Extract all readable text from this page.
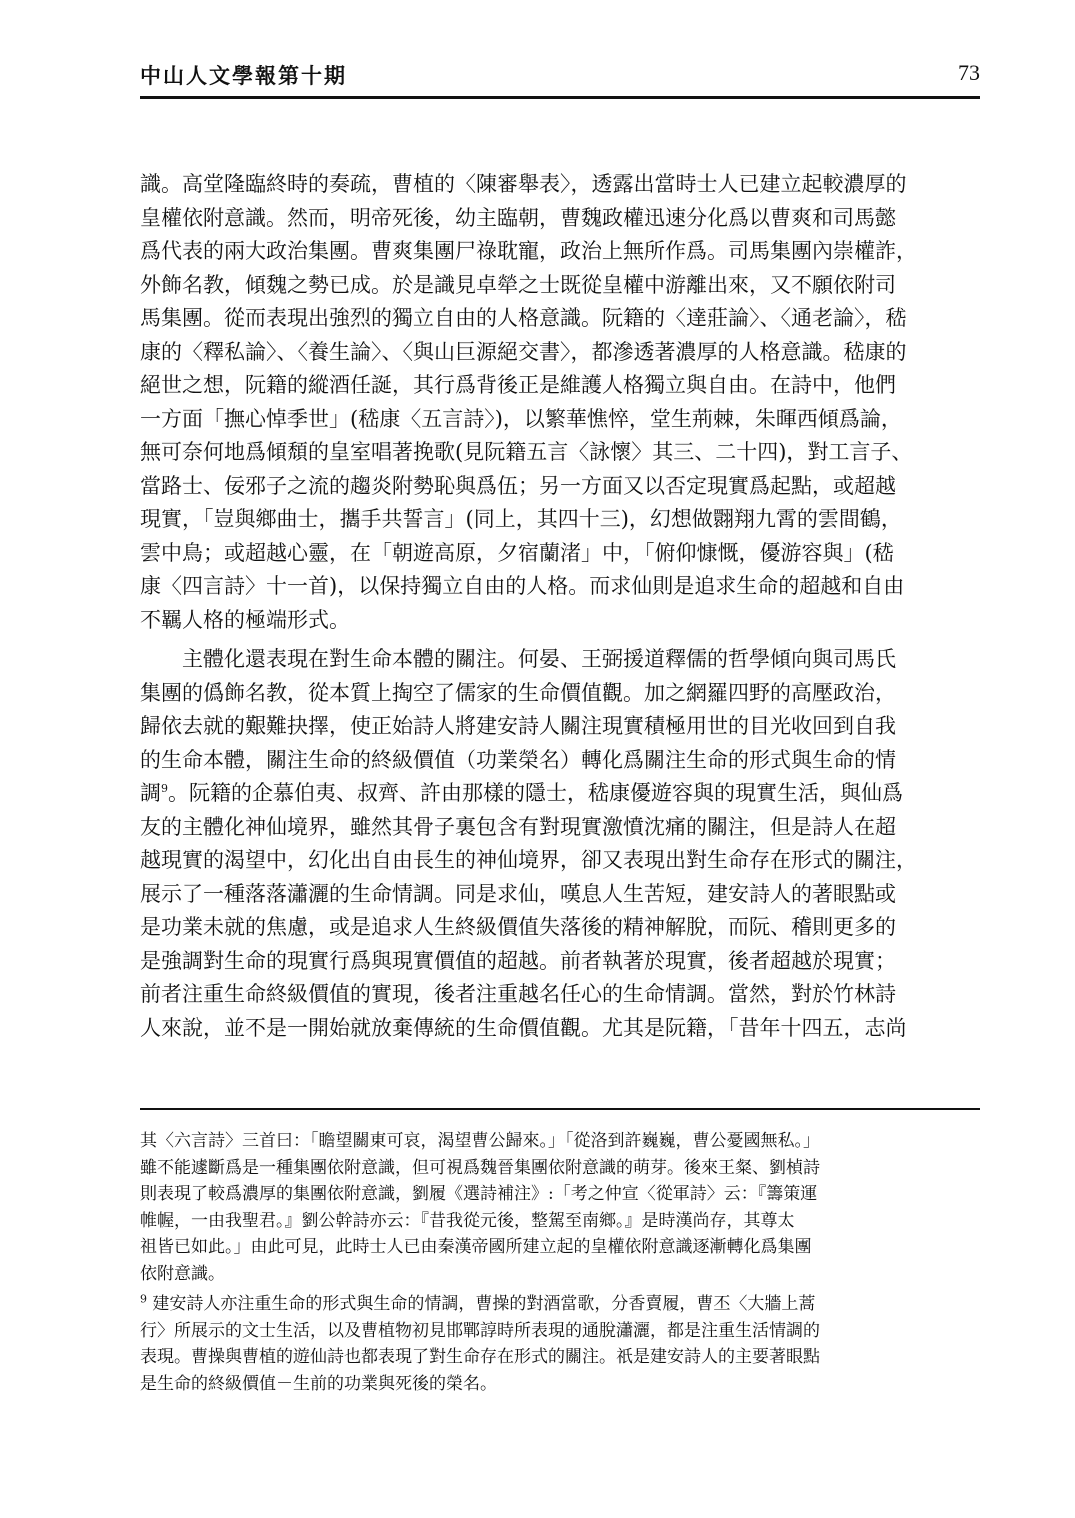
中山人文學報第十期	73
識。高堂隆臨終時的奏疏，曹植的〈陳審舉表〉，透露出當時士人已建立起較濃厚的
皇權依附意識。然而，明帝死後，幼主臨朝，曹魏政權迅速分化爲以曹爽和司馬懿
爲代表的兩大政治集團。曹爽集團尸祿耽寵，政治上無所作爲。司馬集團內崇權詐，
外飾名教，傾魏之勢已成。於是識見卓犖之士既從皇權中游離出來，又不願依附司
馬集團。從而表現出強烈的獨立自由的人格意識。阮籍的〈達莊論〉、〈通老論〉，嵇
康的〈釋私論〉、〈養生論〉、〈與山巨源絕交書〉，都滲透著濃厚的人格意識。嵇康的
絕世之想，阮籍的縱酒任誕，其行爲背後正是維護人格獨立與自由。在詩中，他們
一方面「撫心悼季世」(嵇康〈五言詩〉)，以繁華憔悴，堂生荊棘，朱暉西傾爲論，
無可奈何地爲傾頹的皇室唱著挽歌(見阮籍五言〈詠懷〉其三、二十四)，對工言子、
當路士、佞邪子之流的趨炎附勢恥與爲伍；另一方面又以否定現實爲起點，或超越
現實，「豈與鄉曲士，攜手共誓言」(同上，其四十三)，幻想做翾翔九霄的雲間鶴，
雲中鳥；或超越心靈，在「朝遊高原，夕宿蘭渚」中，「俯仰慷慨，優游容與」(嵇
康〈四言詩〉十一首)，以保持獨立自由的人格。而求仙則是追求生命的超越和自由
不羈人格的極端形式。
主體化還表現在對生命本體的關注。何晏、王弼援道釋儒的哲學傾向與司馬氏
集團的僞飾名教，從本質上掏空了儒家的生命價值觀。加之網羅四野的高壓政治，
歸依去就的艱難抉擇，使正始詩人將建安詩人關注現實積極用世的目光收回到自我
的生命本體，關注生命的終級價值（功業榮名）轉化爲關注生命的形式與生命的情
調$^9$。阮籍的企慕伯夷、叔齊、許由那樣的隱士，嵇康優遊容與的現實生活，與仙爲
友的主體化神仙境界，雖然其骨子裏包含有對現實激憤沈痛的關注，但是詩人在超
越現實的渴望中，幻化出自由長生的神仙境界，卻又表現出對生命存在形式的關注，
展示了一種落落瀟灑的生命情調。同是求仙，嘆息人生苦短，建安詩人的著眼點或
是功業未就的焦慮，或是追求人生終級價值失落後的精神解脫，而阮、稽則更多的
是強調對生命的現實行爲與現實價值的超越。前者執著於現實，後者超越於現實；
前者注重生命終級價值的實現，後者注重越名任心的生命情調。當然，對於竹林詩
人來說，並不是一開始就放棄傳統的生命價值觀。尤其是阮籍，「昔年十四五，志尚
其〈六言詩〉三首曰：「瞻望關東可哀，渴望曹公歸來。」「從洛到許巍巍，曹公憂國無私。」
雖不能遽斷爲是一種集團依附意識，但可視爲魏晉集團依附意識的萌芽。後來王粲、劉楨詩
則表現了較爲濃厚的集團依附意識，劉履《選詩補注》:「考之仲宣〈從軍詩〉云：『籌策運
帷幄，一由我聖君。』劉公幹詩亦云：『昔我從元後，整駕至南鄉。』是時漢尚存，其尊太
祖皆已如此。」由此可見，此時士人已由秦漢帝國所建立起的皇權依附意識逐漸轉化爲集團
依附意識。
$^9$ 建安詩人亦注重生命的形式與生命的情調，曹操的對酒當歌，分香賣履，曹丕〈大牆上蒿
行〉所展示的文士生活，以及曹植物初見邯鄲諄時所表現的通脫瀟灑，都是注重生活情調的
表現。曹操與曹植的遊仙詩也都表現了對生命存在形式的關注。祇是建安詩人的主要著眼點
是生命的終級價值－生前的功業與死後的榮名。
